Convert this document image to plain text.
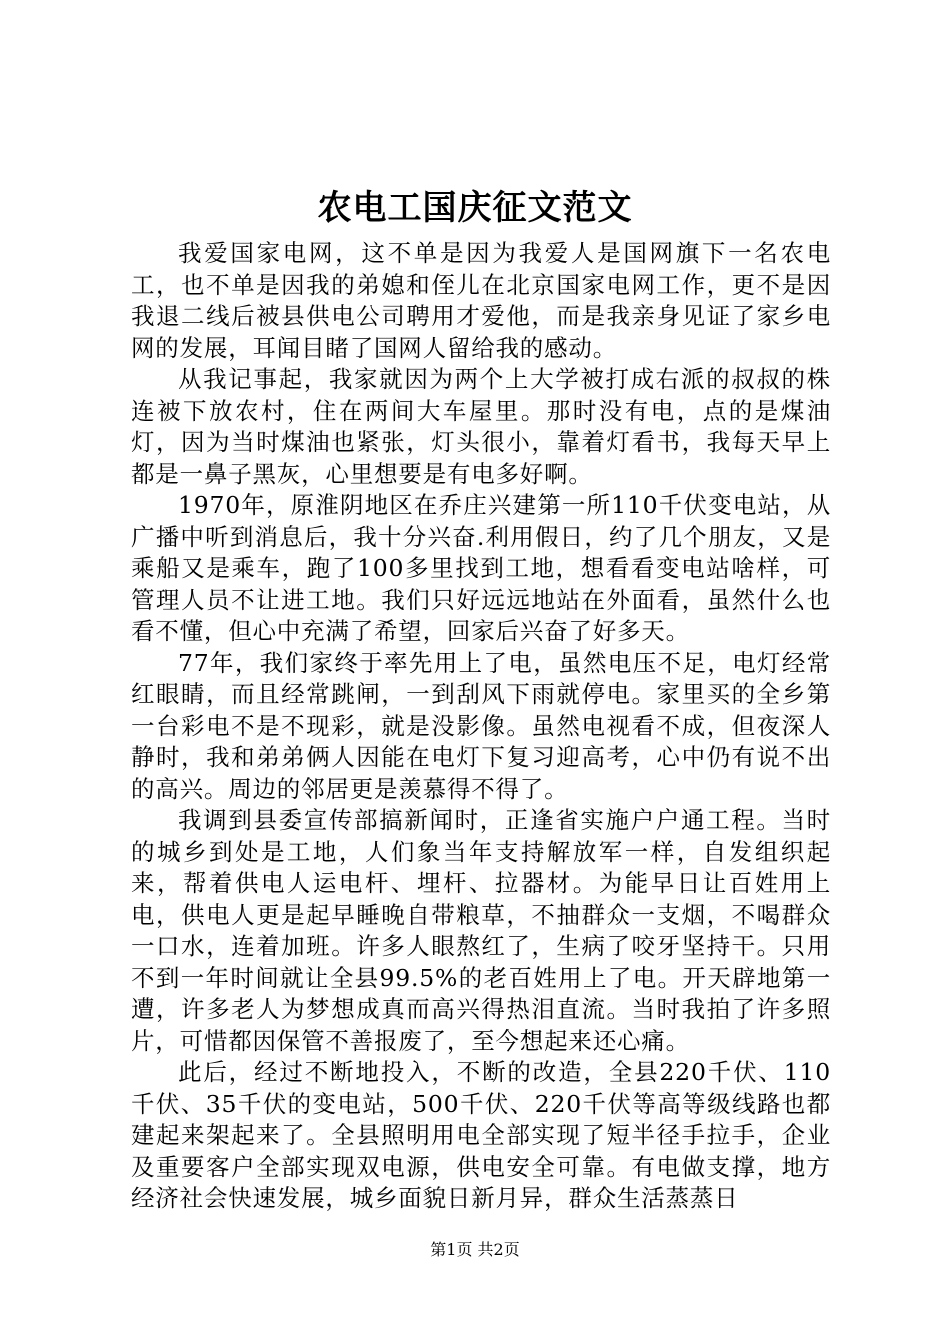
农电工国庆征文范文

我爱国家电网，这不单是因为我爱人是国网旗下一名农电工，也不单是因我的弟媳和侄儿在北京国家电网工作，更不是因我退二线后被县供电公司聘用才爱他，而是我亲身见证了家乡电网的发展，耳闻目睹了国网人留给我的感动。

从我记事起，我家就因为两个上大学被打成右派的叔叔的株连被下放农村，住在两间大车屋里。那时没有电，点的是煤油灯，因为当时煤油也紧张，灯头很小，靠着灯看书，我每天早上都是一鼻子黑灰，心里想要是有电多好啊。

1970年，原淮阴地区在乔庄兴建第一所110千伏变电站，从广播中听到消息后，我十分兴奋.利用假日，约了几个朋友，又是乘船又是乘车，跑了100多里找到工地，想看看变电站啥样，可管理人员不让进工地。我们只好远远地站在外面看，虽然什么也看不懂，但心中充满了希望，回家后兴奋了好多天。

77年，我们家终于率先用上了电，虽然电压不足，电灯经常红眼睛，而且经常跳闸，一到刮风下雨就停电。家里买的全乡第一台彩电不是不现彩，就是没影像。虽然电视看不成，但夜深人静时，我和弟弟俩人因能在电灯下复习迎高考，心中仍有说不出的高兴。周边的邻居更是羡慕得不得了。

我调到县委宣传部搞新闻时，正逢省实施户户通工程。当时的城乡到处是工地，人们象当年支持解放军一样，自发组织起来，帮着供电人运电杆、埋杆、拉器材。为能早日让百姓用上电，供电人更是起早睡晚自带粮草，不抽群众一支烟，不喝群众一口水，连着加班。许多人眼熬红了，生病了咬牙坚持干。只用不到一年时间就让全县99.5%的老百姓用上了电。开天辟地第一遭，许多老人为梦想成真而高兴得热泪直流。当时我拍了许多照片，可惜都因保管不善报废了，至今想起来还心痛。

此后，经过不断地投入，不断的改造，全县220千伏、110千伏、35千伏的变电站，500千伏、220千伏等高等级线路也都建起来架起来了。全县照明用电全部实现了短半径手拉手，企业及重要客户全部实现双电源，供电安全可靠。有电做支撑，地方经济社会快速发展，城乡面貌日新月异，群众生活蒸蒸日

第1页 共2页
